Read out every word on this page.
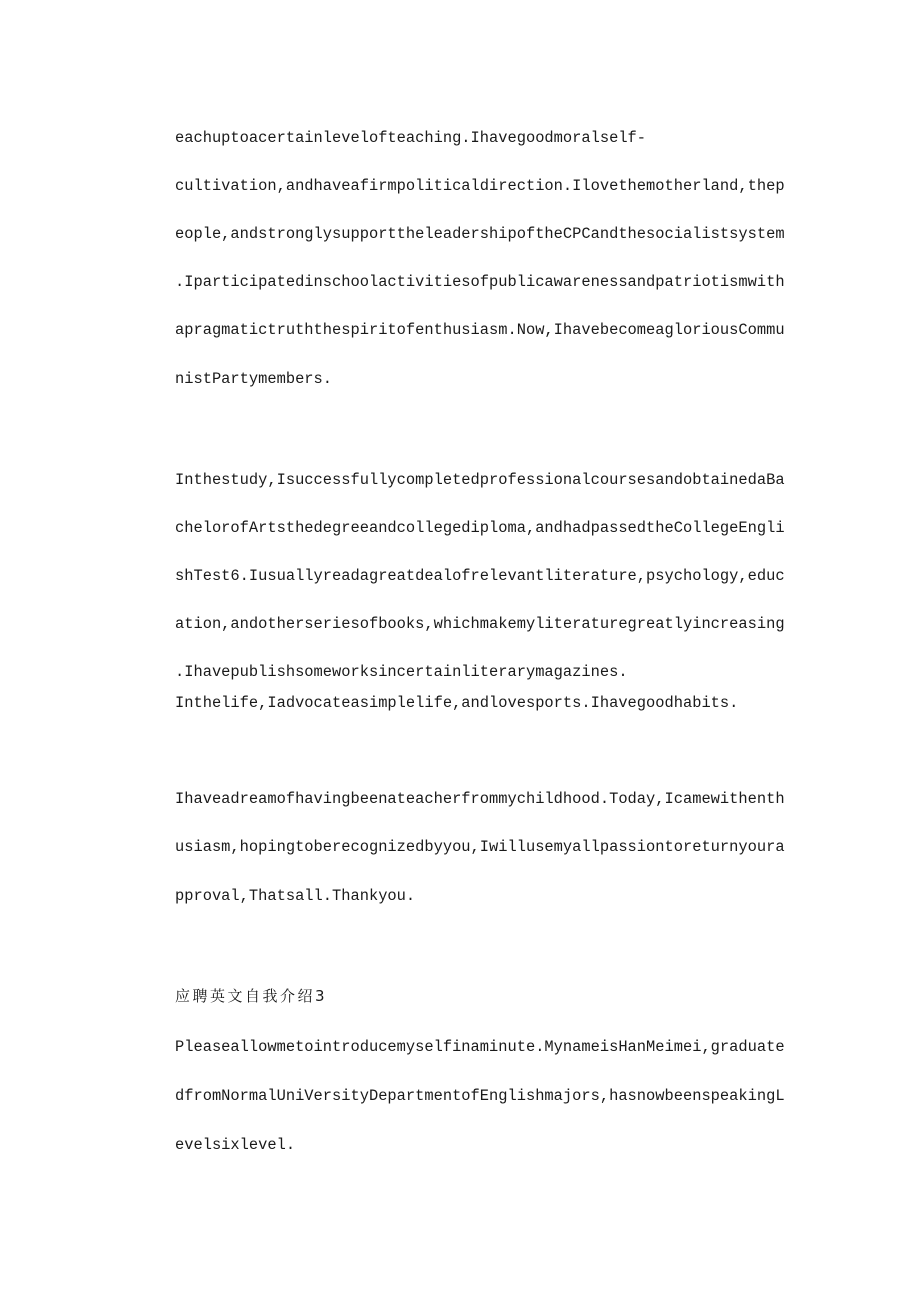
eachuptoacertainlevelofteaching.Ihavegoodmoralself-
cultivation,andhaveafirmpoliticaldirection.Ilovethemotherland,thep
eople,andstronglysupporttheleadershipoftheCPCandthesocialistsystem
.Iparticipatedinschoolactivitiesofpublicawarenessandpatriotismwith
apragmatictruththespiritofenthusiasm.Now,IhavebecomeagloriousCommu
nistPartymembers.
Inthestudy,IsuccessfullycompletedprofessionalcoursesandobtainedaBa
chelorofArtsthedegreeandcollegediploma,andhadpassedtheCollegeEngli
shTest6.Iusuallyreadagreatdealofrelevantliterature,psychology,educ
ation,andotherseriesofbooks,whichmakemyliteraturegreatlyincreasing
.Ihavepublishsomeworksincertainliterarymagazines.
Inthelife,Iadvocateasimplelife,andlovesports.Ihavegoodhabits.
Ihaveadreamofhavingbeenateacherfrommychildhood.Today,Icamewithenth
usiasm,hopingtoberecognizedbyyou,Iwillusemyallpassiontoreturnyoura
pproval,Thatsall.Thankyou.
应聘英文自我介绍3
Pleaseallowmetointroducemyselfinaminute.MynameisHanMeimei,graduate
dfromNormalUniVersityDepartmentofEnglishmajors,hasnowbeenspeakingL
evelsixlevel.
